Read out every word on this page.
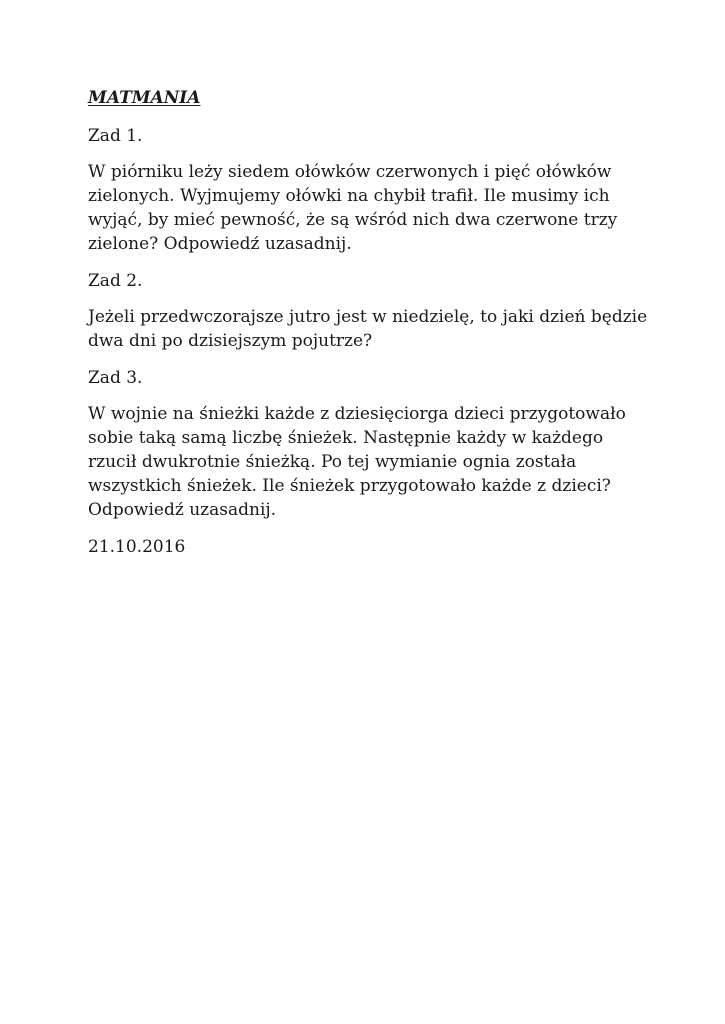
MATMANIA

Zad 1.

W piórniku leży siedem ołówków czerwonych i pięć ołówków zielonych. Wyjmujemy ołówki na chybił trafił. Ile musimy ich wyjąć, by mieć pewność, że są wśród nich dwa czerwone trzy zielone? Odpowiedź uzasadnij.

Zad 2.

Jeżeli przedwczorajsze jutro jest w niedzielę, to jaki dzień będzie dwa dni po dzisiejszym pojutrze?

Zad 3.

W wojnie na śnieżki każde z dziesięciorga dzieci przygotowało sobie taką samą liczbę śnieżek. Następnie każdy w każdego rzucił dwukrotnie śnieżką. Po tej wymianie ognia została wszystkich śnieżek. Ile śnieżek przygotowało każde z dzieci? Odpowiedź uzasadnij.

21.10.2016
